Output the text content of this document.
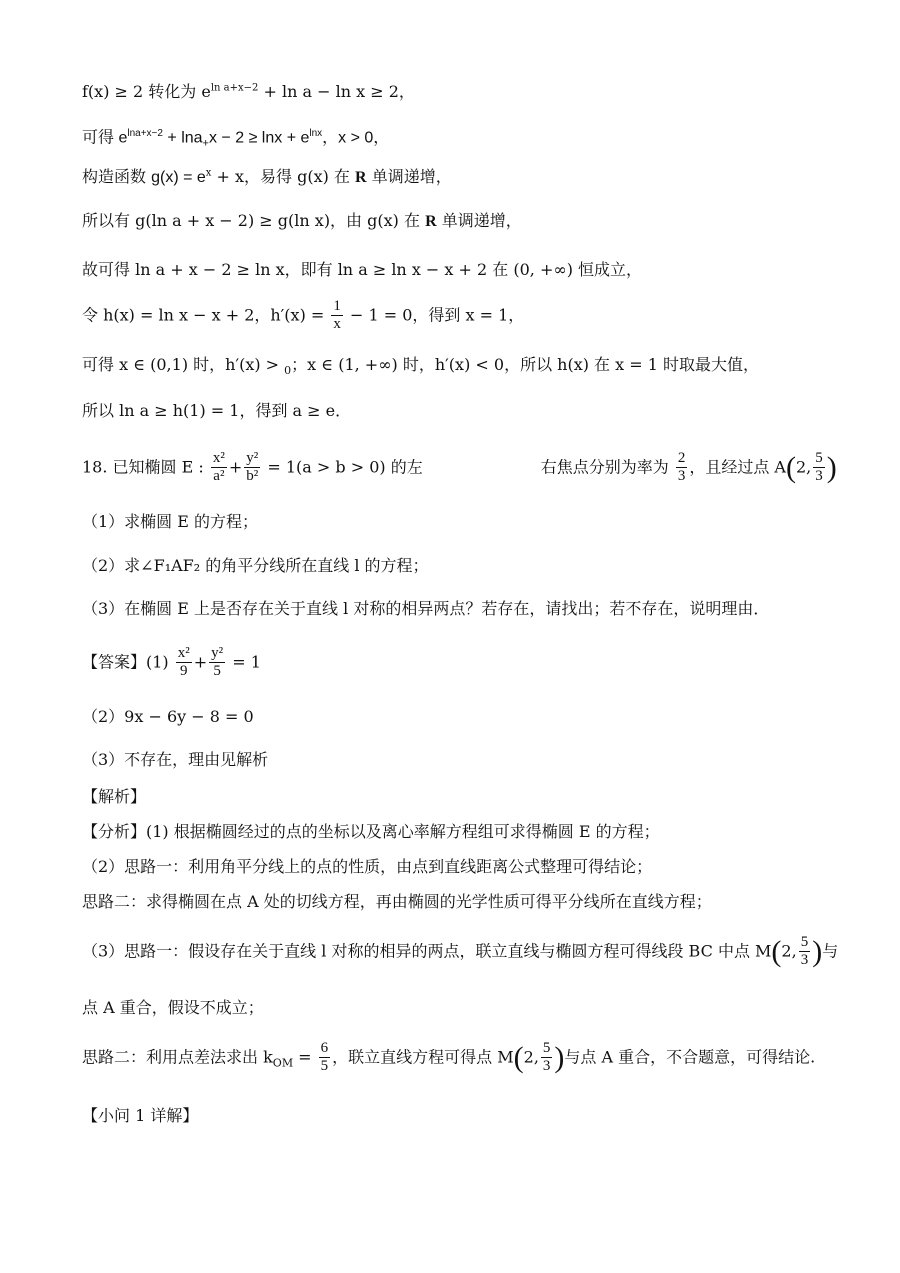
f(x) ≥ 2 转化为 $e^{ln a+x-2} + \ln a - \ln x \ge 2$，
可得 $e^{lna+x-2} + \ln a_+x - 2 \ge \ln x + e^{lnx}$，x > 0，
构造函数 $g(x) = e^x + x$，易得 g(x) 在 R 单调递增，
所以有 g(ln a + x − 2) ≥ g(ln x)，由 g(x) 在 R 单调递增，
故可得 ln a + x − 2 ≥ ln x，即有 ln a ≥ ln x − x + 2 在 (0, +∞) 恒成立，
令 h(x) = ln x − x + 2，$h'(x) = \frac{1}{x} - 1 = 0$，得到 x = 1，
可得 x ∈ (0,1) 时，h′(x) > $_0$；x ∈ (1, +∞) 时，h′(x) < 0，所以 h(x) 在 x = 1 时取最大值，
所以 ln a ≥ h(1) = 1，得到 a ≥ e．
18. 已知椭圆 E : $\frac{\text{x²}}{\text{a²}} + \frac{\text{y²}}{\text{b²}} = 1(a > b > 0)$ 的左	右焦点分别为率为 $\frac{2}{3}$ ，且经过点 A(2, $\frac{5}{3}$ )
（1）求椭圆 E 的方程；
（2）求∠F₁AF₂ 的角平分线所在直线 l 的方程；
（3）在椭圆 E 上是否存在关于直线 l 对称的相异两点？若存在，请找出；若不存在，说明理由．
【答案】$(1) \frac{\text{x²}}{9} + \frac{\text{y²}}{5} = 1$
（2）9x − 6y − 8 = 0
（3）不存在，理由见解析
【解析】
【分析】(1) 根据椭圆经过的点的坐标以及离心率解方程组可求得椭圆 E 的方程；
（2）思路一：利用角平分线上的点的性质，由点到直线距离公式整理可得结论；
思路二：求得椭圆在点 A 处的切线方程，再由椭圆的光学性质可得平分线所在直线方程；
（3）思路一：假设存在关于直线 l 对称的相异的两点，联立直线与椭圆方程可得线段 BC 中点 M(2, $\frac{5}{3}$ )与
点 A 重合，假设不成立；
思路二：利用点差法求出 $k_{OM} = \frac{6}{5}$ ，联立直线方程可得点 M(2, $\frac{5}{3}$ )与点 A 重合，不合题意，可得结论.
【小问 1 详解】
